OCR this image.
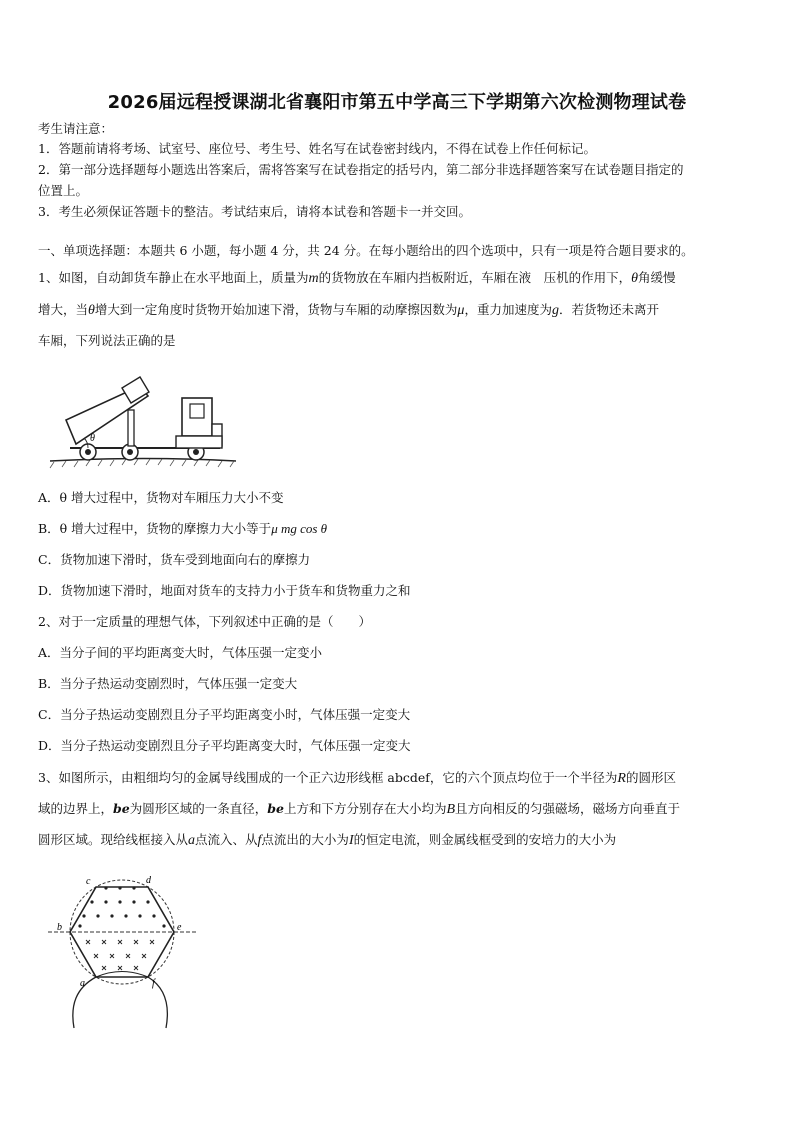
2026届远程授课湖北省襄阳市第五中学高三下学期第六次检测物理试卷
考生请注意：
1．答题前请将考场、试室号、座位号、考生号、姓名写在试卷密封线内，不得在试卷上作任何标记。
2．第一部分选择题每小题选出答案后，需将答案写在试卷指定的括号内，第二部分非选择题答案写在试卷题目指定的
位置上。
3．考生必须保证答题卡的整洁。考试结束后，请将本试卷和答题卡一并交回。
一、单项选择题：本题共 6 小题，每小题 4 分，共 24 分。在每小题给出的四个选项中，只有一项是符合题目要求的。
1、如图，自动卸货车静止在水平地面上，质量为m的货物放在车厢内挡板附近，车厢在液　压机的作用下，θ角缓慢
增大，当θ增大到一定角度时货物开始加速下滑，货物与车厢的动摩擦因数为μ，重力加速度为g．若货物还未离开
车厢，下列说法正确的是
θ
A．θ 增大过程中，货物对车厢压力大小不变
B．θ 增大过程中，货物的摩擦力大小等于μ mg cos θ
C．货物加速下滑时，货车受到地面向右的摩擦力
D．货物加速下滑时，地面对货车的支持力小于货车和货物重力之和
2、对于一定质量的理想气体，下列叙述中正确的是（　　）
A．当分子间的平均距离变大时，气体压强一定变小
B．当分子热运动变剧烈时，气体压强一定变大
C．当分子热运动变剧烈且分子平均距离变小时，气体压强一定变大
D．当分子热运动变剧烈且分子平均距离变大时，气体压强一定变大
3、如图所示，由粗细均匀的金属导线围成的一个正六边形线框 abcdef，它的六个顶点均位于一个半径为R的圆形区
域的边界上，be为圆形区域的一条直径，be上方和下方分别存在大小均为B且方向相反的匀强磁场，磁场方向垂直于
圆形区域。现给线框接入从a点流入、从f点流出的大小为I的恒定电流，则金属线框受到的安培力的大小为
c	d
b	e
a	f
